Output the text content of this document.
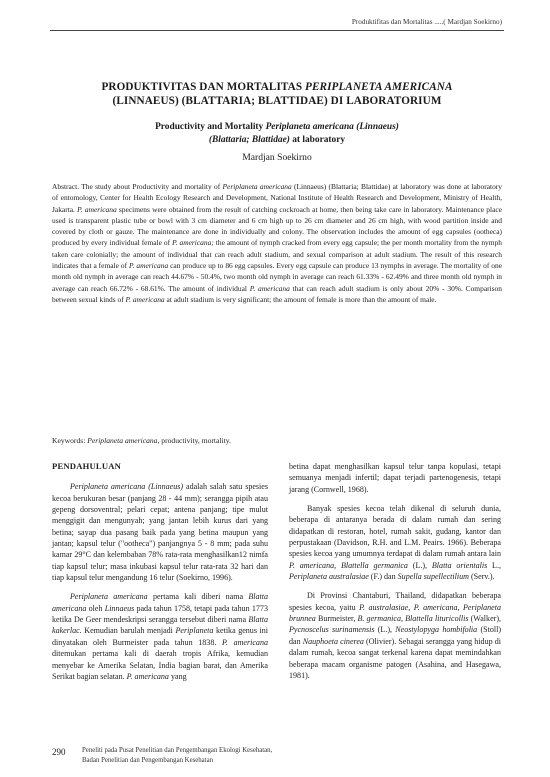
Produktifitas dan Mortalitas .....( Mardjan Soekirno)
PRODUKTIVITAS DAN MORTALITAS PERIPLANETA AMERICANA
(LINNAEUS) (BLATTARIA; BLATTIDAE) DI LABORATORIUM
Productivity and Mortality Periplaneta americana (Linnaeus)
(Blattaria; Blattidae) at laboratory
Mardjan Soekirno
Abstract. The study about Productivity and mortality of Periplaneta americana (Linnaeus) (Blattaria; Blattidae) at laboratory was done at laboratory of entomology, Center for Health Ecology Research and Development, National Institute of Health Research and Development, Ministry of Health, Jakarta. P. americana specimens were obtained from the result of catching cockroach at home, then being take care in laboratory. Maintenance place used is transparent plastic tube or bowl with 3 cm diameter and 6 cm high up to 26 cm diameter and 26 cm high, with wood partition inside and covered by cloth or gauze. The maintenance are done in individually and colony. The observation includes the amount of egg capsules (ootheca) produced by every individual female of P. americana; the amount of nymph cracked from every egg capsule; the per month mortality from the nymph taken care colonially; the amount of individual that can reach adult stadium, and sexual comparison at adult stadium. The result of this research indicates that a female of P. americana can produce up to 86 egg capsules. Every egg capsule can produce 13 nymphs in average. The mortality of one month old nymph in average can reach 44.67% - 50.4%, two month old nymph in average can reach 61.33% - 62.49% and three month old nymph in average can reach 66.72% - 68.61%. The amount of individual P. americana that can reach adult stadium is only about 20% - 30%. Comparison between sexual kinds of P. americana at adult stadium is very significant; the amount of female is more than the amount of male.
Keywords: Periplaneta americana, productivity, mortality.
PENDAHULUAN

Periplaneta americana (Linnaeus) adalah salah satu spesies kecoa berukuran besar (panjang 28 - 44 mm); serangga pipih atau gepeng dorsoventral; pelari cepat; antena panjang; tipe mulut menggigit dan mengunyah; yang jantan lebih kurus dari yang betina; sayap dua pasang baik pada yang betina maupun yang jantan; kapsul telur ("ootheca") panjangnya 5 - 8 mm; pada suhu kamar 29°C dan kelembaban 78% rata-rata menghasilkan12 nimfa tiap kapsul telur; masa inkubasi kapsul telur rata-rata 32 hari dan tiap kapsul telur mengandung 16 telur (Soekirno, 1996).

Periplaneta americana pertama kali diberi nama Blatta americana oleh Linnaeus pada tahun 1758, tetapi pada tahun 1773 ketika De Geer mendeskripsi serangga tersebut diberi nama Blatta kakerlac. Kemudian barulah menjadi Periplaneta ketika genus ini dinyatakan oleh Burmeister pada tahun 1838. P. americana ditemukan pertama kali di daerah tropis Afrika, kemudian menyebar ke Amerika Selatan, India bagian barat, dan Amerika Serikat bagian selatan. P. americana yang

betina dapat menghasilkan kapsul telur tanpa kopulasi, tetapi semuanya menjadi infertil; dapat terjadi partenogenesis, tetapi jarang (Cornwell, 1968).

Banyak spesies kecoa telah dikenal di seluruh dunia, beberapa di antaranya berada di dalam rumah dan sering didapatkan di restoran, hotel, rumah sakit, gudang, kantor dan perpustakaan (Davidson, R.H. and L.M. Peairs. 1966). Beberapa spesies kecoa yang umumnya terdapat di dalam rumah antara lain P. americana, Blattella germanica (L.), Blatta orientalis L., Periplaneta australasiae (F.) dan Supella supellectilium (Serv.).

Di Provinsi Chantaburi, Thailand, didapatkan beberapa spesies kecoa, yaitu P. australasiae, P. americana, Periplaneta brunnea Burmeister, B. germanica, Blattella lituricollis (Walker), Pycnoscelus surinamensis (L.), Neostylopyga hombifolia (Stoll) dan Nauphoeta cinerea (Olivier). Sebagai serangga yang hidup di dalam rumah, kecoa sangat terkenal karena dapat memindahkan beberapa macam organisme patogen (Asahina, and Hasegawa, 1981).

290 Peneliti pada Pusat Penelitian dan Pengembangan Ekologi Kesehatan,
Badan Penelitian dan Pengembangan Kesehatan
